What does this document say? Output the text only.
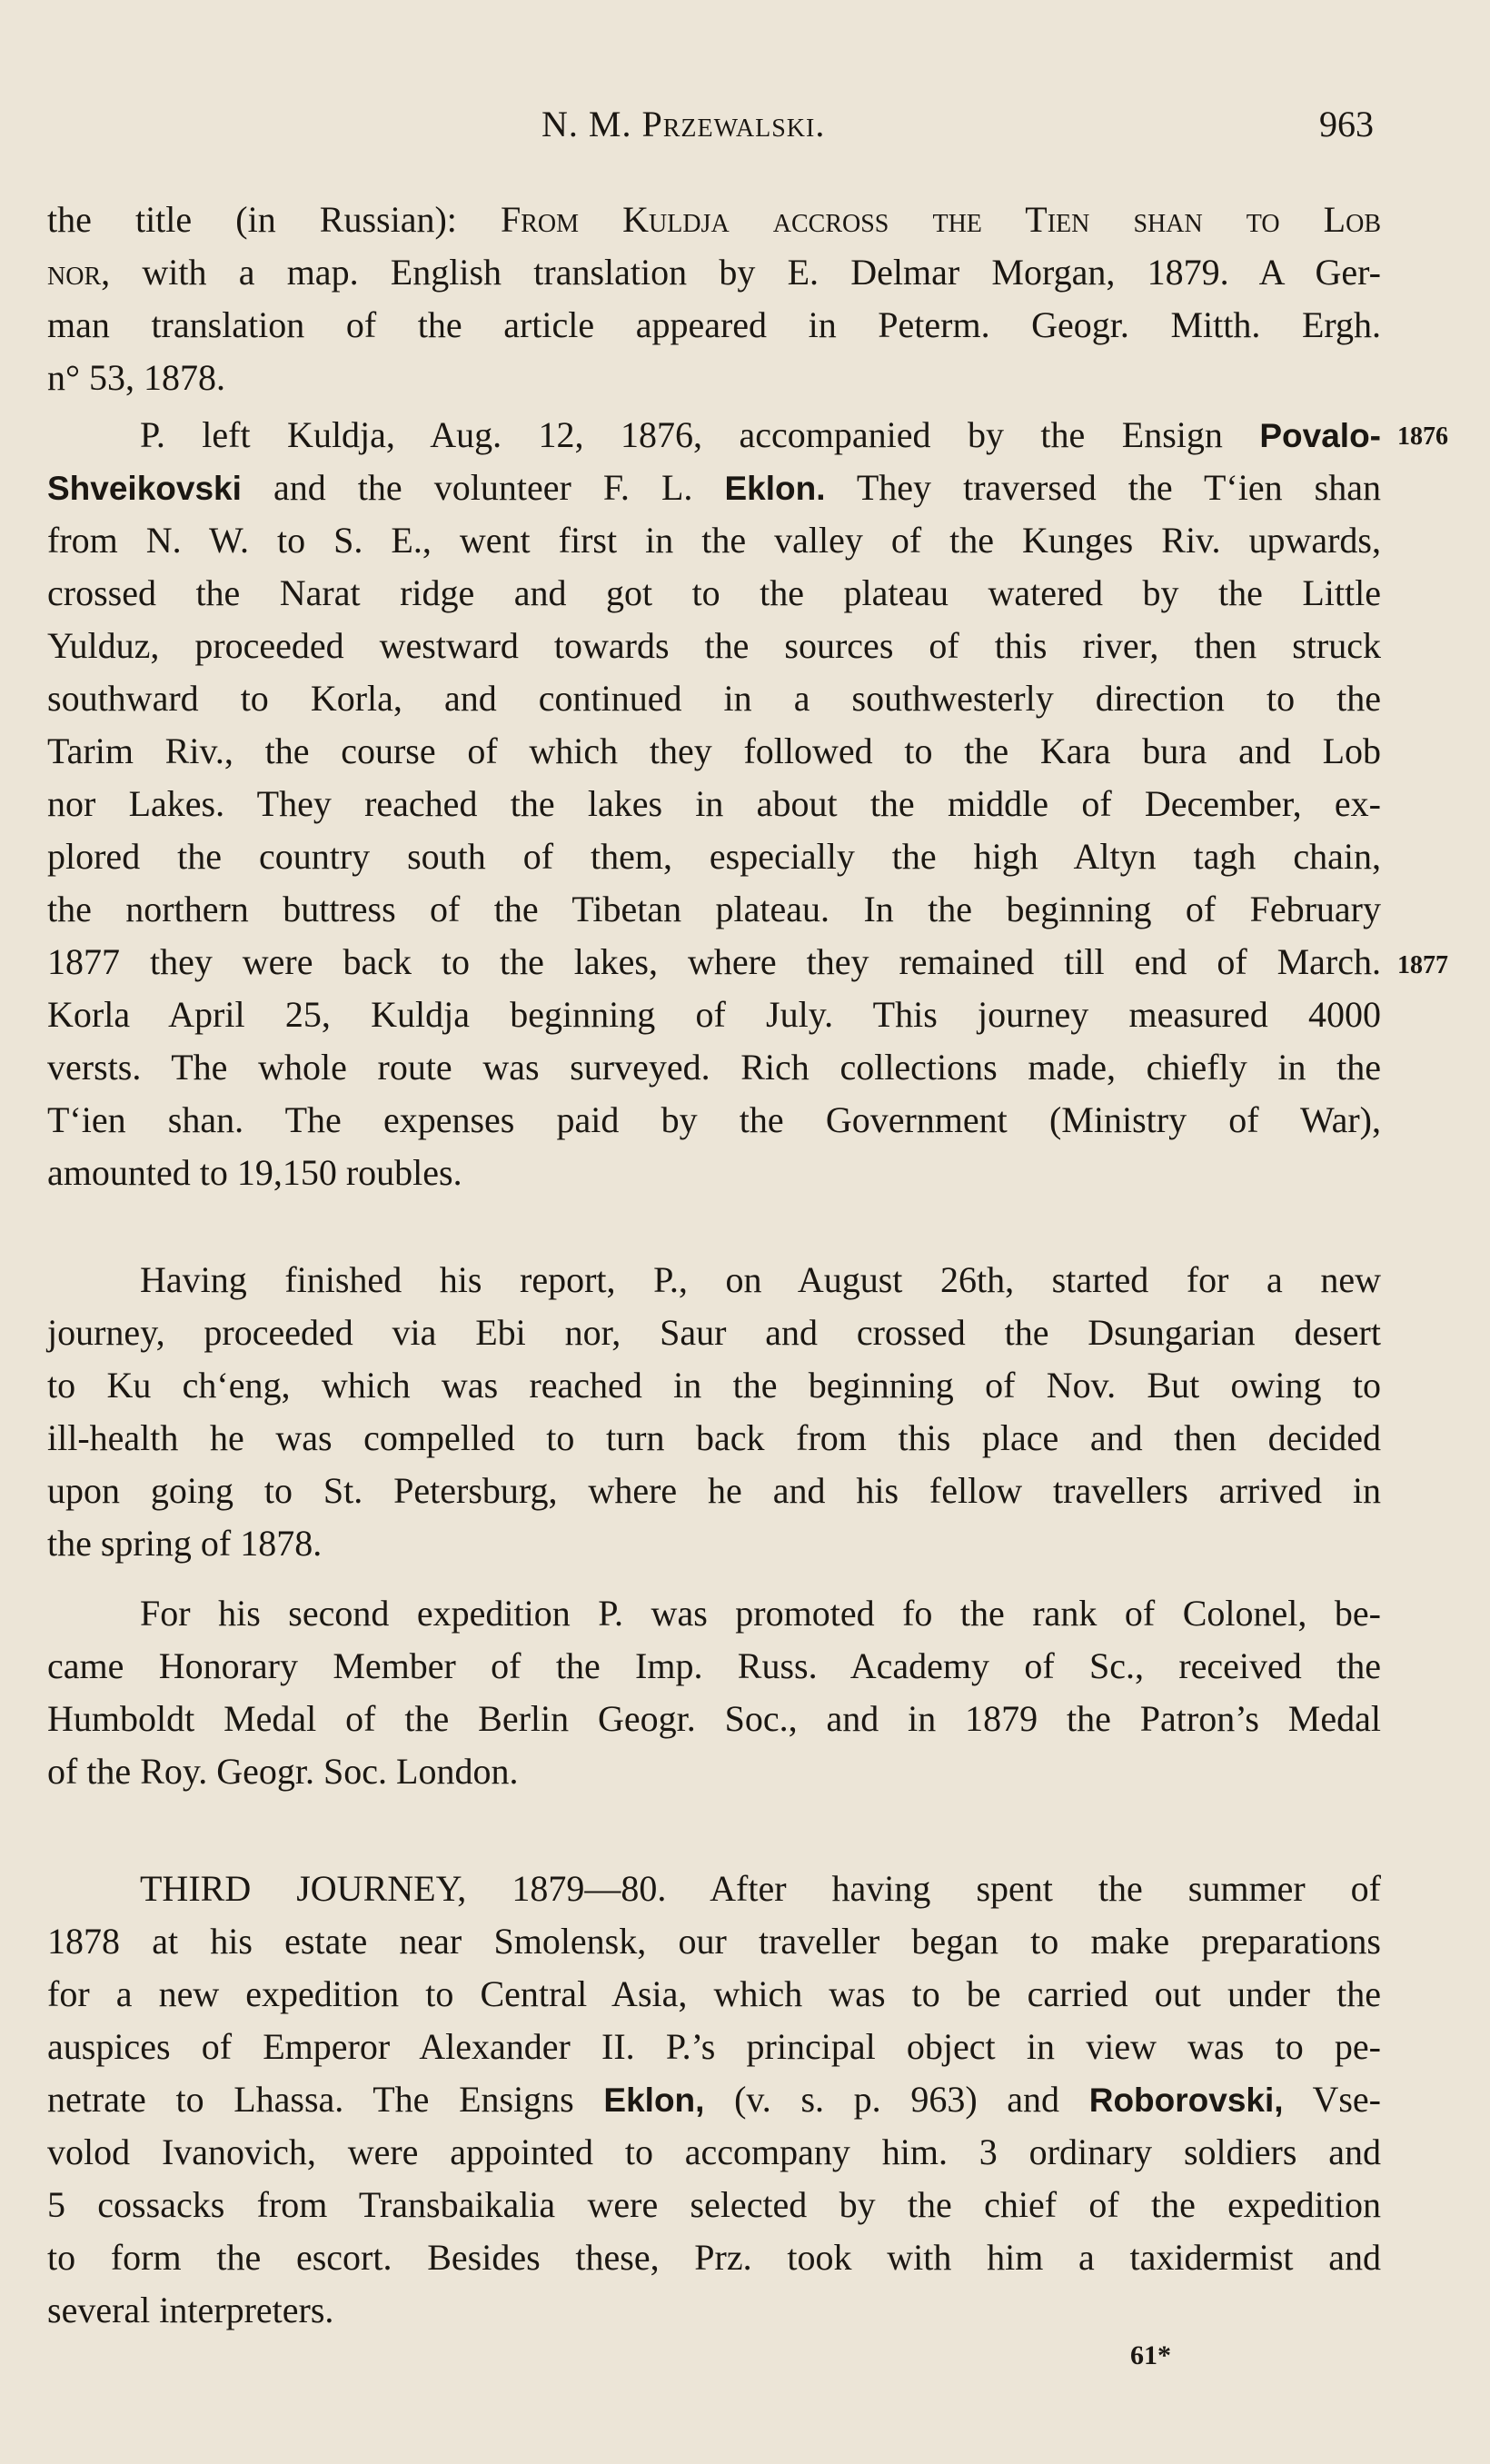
N. M. Przewalski.	963
the title (in Russian): From Kuldja accross the Tien shan to Lob
nor, with a map. English translation by E. Delmar Morgan, 1879. A Ger-
man translation of the article appeared in Peterm. Geogr. Mitth. Ergh.
n° 53, 1878.
P. left Kuldja, Aug. 12, 1876, accompanied by the Ensign Povalo- 1876
Shveikovski and the volunteer F. L. Eklon. They traversed the T‘ien shan
from N. W. to S. E., went first in the valley of the Kunges Riv. upwards,
crossed the Narat ridge and got to the plateau watered by the Little
Yulduz, proceeded westward towards the sources of this river, then struck
southward to Korla, and continued in a southwesterly direction to the
Tarim Riv., the course of which they followed to the Kara bura and Lob
nor Lakes. They reached the lakes in about the middle of December, ex-
plored the country south of them, especially the high Altyn tagh chain,
the northern buttress of the Tibetan plateau. In the beginning of February
1877 they were back to the lakes, where they remained till end of March. 1877
Korla April 25, Kuldja beginning of July. This journey measured 4000
versts. The whole route was surveyed. Rich collections made, chiefly in the
T‘ien shan. The expenses paid by the Government (Ministry of War),
amounted to 19,150 roubles.
Having finished his report, P., on August 26th, started for a new
journey, proceeded via Ebi nor, Saur and crossed the Dsungarian desert
to Ku ch‘eng, which was reached in the beginning of Nov. But owing to
ill-health he was compelled to turn back from this place and then decided
upon going to St. Petersburg, where he and his fellow travellers arrived in
the spring of 1878.
For his second expedition P. was promoted fo the rank of Colonel, be-
came Honorary Member of the Imp. Russ. Academy of Sc., received the
Humboldt Medal of the Berlin Geogr. Soc., and in 1879 the Patron’s Medal
of the Roy. Geogr. Soc. London.
THIRD JOURNEY, 1879—80. After having spent the summer of
1878 at his estate near Smolensk, our traveller began to make preparations
for a new expedition to Central Asia, which was to be carried out under the
auspices of Emperor Alexander II. P.’s principal object in view was to pe-
netrate to Lhassa. The Ensigns Eklon, (v. s. p. 963) and Roborovski, Vse-
volod Ivanovich, were appointed to accompany him. 3 ordinary soldiers and
5 cossacks from Transbaikalia were selected by the chief of the expedition
to form the escort. Besides these, Prz. took with him a taxidermist and
several interpreters.
61*
